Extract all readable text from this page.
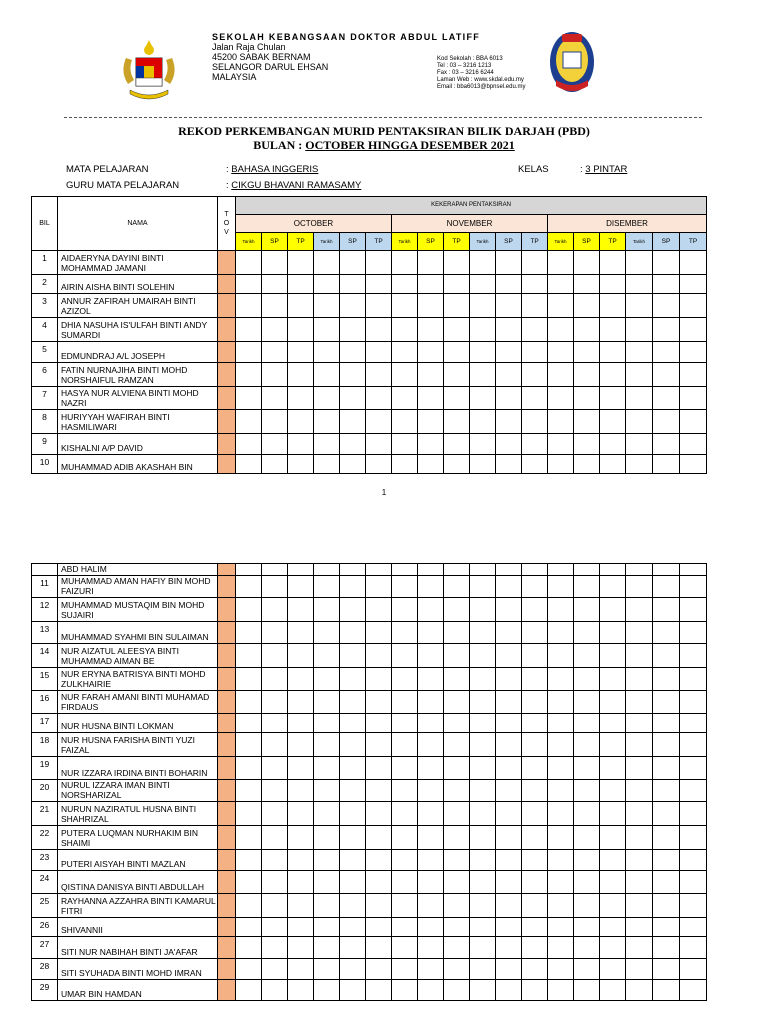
SEKOLAH KEBANGSAAN DOKTOR ABDUL LATIFF
Jalan Raja Chulan
45200 SABAK BERNAM
SELANGOR DARUL EHSAN
MALAYSIA
Kod Sekolah : BBA 6013
Tel : 03 – 3216 1213
Fax : 03 – 3216 6244
Laman Web : www.skdal.edu.my
Email : bba6013@bpnsel.edu.my
REKOD PERKEMBANGAN MURID PENTAKSIRAN BILIK DARJAH (PBD)
BULAN : OCTOBER HINGGA DESEMBER 2021
MATA PELAJARAN	: BAHASA INGGERIS	KELAS	: 3 PINTAR
GURU MATA PELAJARAN	: CIKGU BHAVANI RAMASAMY
BIL	NAMA	T
O
V	KEKERAPAN PENTAKSIRAN																	
			OCTOBER						NOVEMBER						DISEMBER					
			Tarikh	SP	TP	Tarikh	SP	TP	Tarikh	SP	TP	Tarikh	SP	TP	Tarikh	SP	TP	Tarikh	SP	TP
1	AIDAERYNA DAYINI BINTI MOHAMMAD JAMANI																			
2	AIRIN AISHA BINTI SOLEHIN																			
3	ANNUR ZAFIRAH UMAIRAH BINTI AZIZOL																			
4	DHIA NASUHA IS'ULFAH BINTI ANDY SUMARDI																			
5	EDMUNDRAJ A/L JOSEPH																			
6	FATIN NURNAJIHA BINTI MOHD NORSHAIFUL RAMZAN																			
7	HASYA NUR ALVIENA BINTI MOHD NAZRI																			
8	HURIYYAH WAFIRAH BINTI HASMILIWARI																			
9	KISHALNI A/P DAVID																			
10	MUHAMMAD ADIB AKASHAH BIN																			
1
	ABD HALIM																			
11	MUHAMMAD AMAN HAFIY BIN MOHD FAIZURI																			
12	MUHAMMAD MUSTAQIM BIN MOHD SUJAIRI																			
13	MUHAMMAD SYAHMI BIN SULAIMAN																			
14	NUR AIZATUL ALEESYA BINTI MUHAMMAD AIMAN BE																			
15	NUR ERYNA BATRISYA BINTI MOHD ZULKHAIRIE																			
16	NUR FARAH AMANI BINTI MUHAMAD FIRDAUS																			
17	NUR HUSNA BINTI LOKMAN																			
18	NUR HUSNA FARISHA BINTI YUZI FAIZAL																			
19	NUR IZZARA IRDINA BINTI BOHARIN																			
20	NURUL IZZARA IMAN BINTI NORSHARIZAL																			
21	NURUN NAZIRATUL HUSNA BINTI SHAHRIZAL																			
22	PUTERA LUQMAN NURHAKIM BIN SHAIMI																			
23	PUTERI AISYAH BINTI MAZLAN																			
24	QISTINA DANISYA BINTI ABDULLAH																			
25	RAYHANNA AZZAHRA BINTI KAMARUL FITRI																			
26	SHIVANNII																			
27	SITI NUR NABIHAH BINTI JA'AFAR																			
28	SITI SYUHADA BINTI MOHD IMRAN																			
29	UMAR BIN HAMDAN																			
